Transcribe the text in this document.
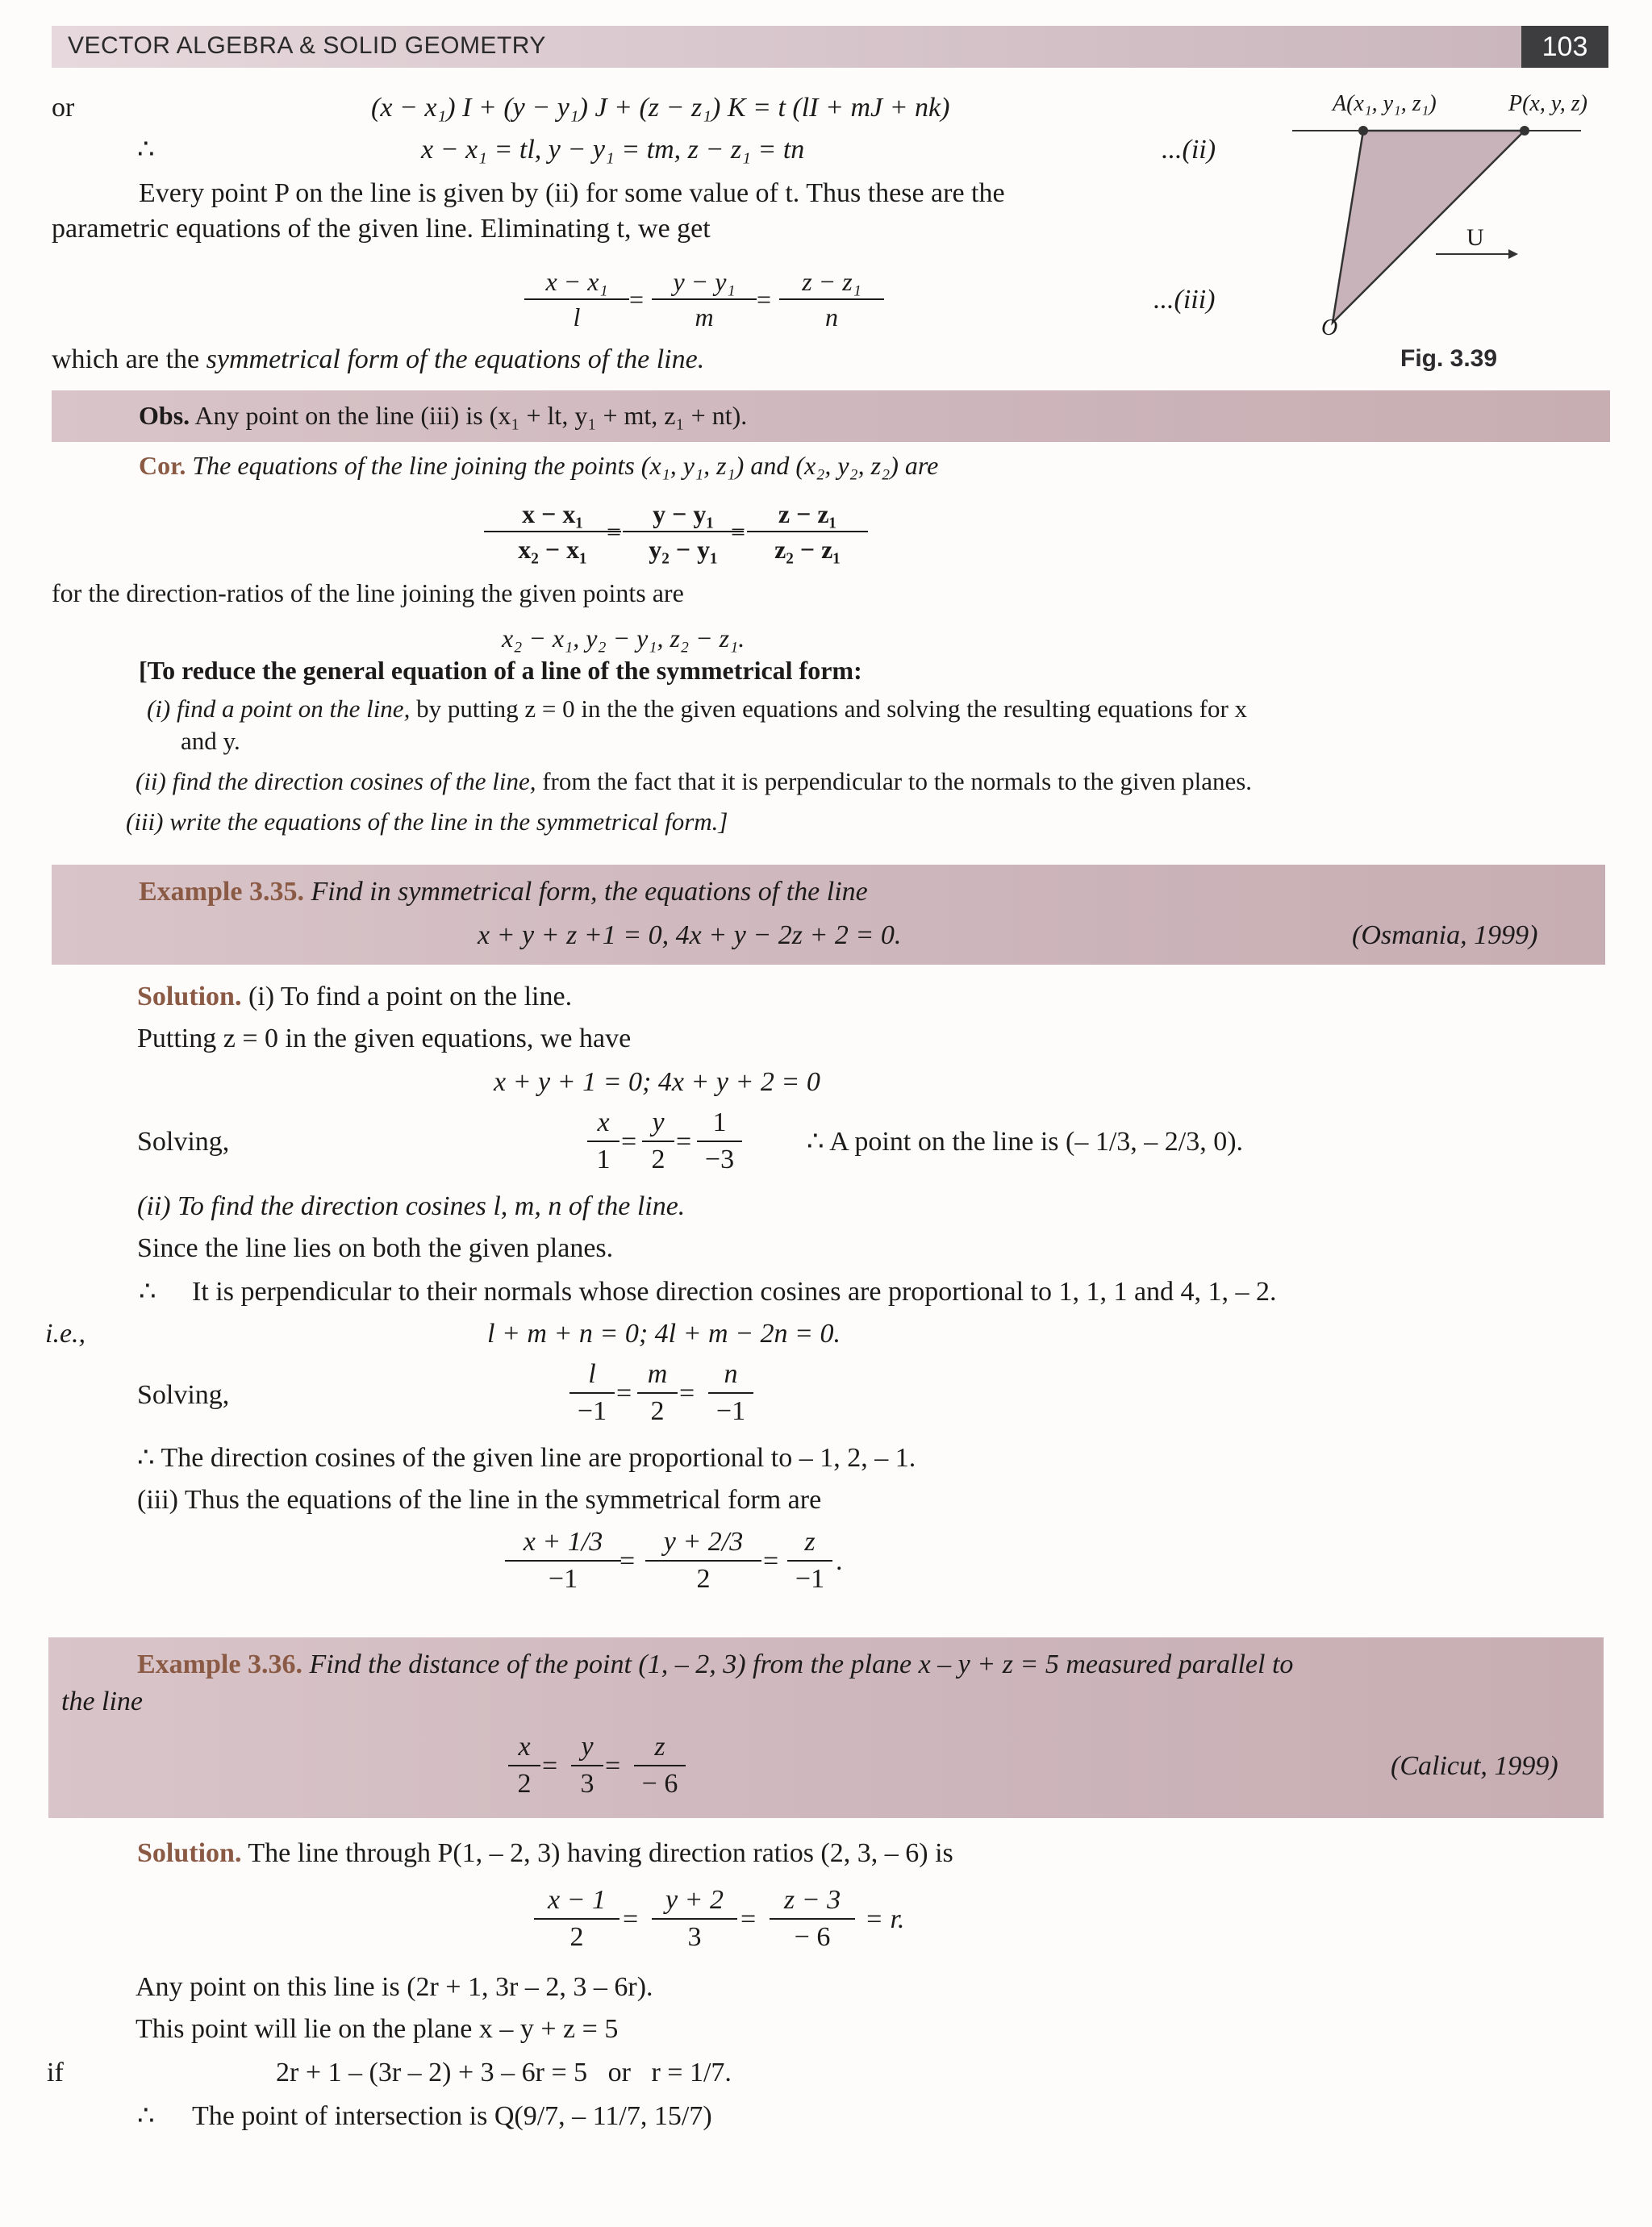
VECTOR ALGEBRA & SOLID GEOMETRY	103
or	(x − x₁) I + (y − y₁) J + (z − z₁) K = t (lI + mJ + nk)
∴	x − x₁ = tl, y − y₁ = tm, z − z₁ = tn	...(ii)
Every point P on the line is given by (ii) for some value of t. Thus these are the
parametric equations of the given line. Eliminating t, we get
x − x₁
l
=
y − y₁
m
=
z − z₁
n
...(iii)
which are the symmetrical form of the equations of the line.
A(x₁, y₁, z₁)	P(x, y, z)
U
O
Fig. 3.39
Obs. Any point on the line (iii) is (x₁ + lt, y₁ + mt, z₁ + nt).
Cor. The equations of the line joining the points (x₁, y₁, z₁) and (x₂, y₂, z₂) are
x − x₁
x₂ − x₁
=
y − y₁
y₂ − y₁
=
z − z₁
z₂ − z₁
for the direction-ratios of the line joining the given points are
x₂ − x₁, y₂ − y₁, z₂ − z₁.
[To reduce the general equation of a line of the symmetrical form:
(i) find a point on the line, by putting z = 0 in the the given equations and solving the resulting equations for x
and y.
(ii) find the direction cosines of the line, from the fact that it is perpendicular to the normals to the given planes.
(iii) write the equations of the line in the symmetrical form.]
Example 3.35. Find in symmetrical form, the equations of the line
x + y + z +1 = 0, 4x + y − 2z + 2 = 0.	(Osmania, 1999)
Solution. (i) To find a point on the line.
Putting z = 0 in the given equations, we have
x + y + 1 = 0; 4x + y + 2 = 0
Solving,
x
1
=
y
2
=
1
−3
∴ A point on the line is (– 1/3, – 2/3, 0).
(ii) To find the direction cosines l, m, n of the line.
Since the line lies on both the given planes.
∴ It is perpendicular to their normals whose direction cosines are proportional to 1, 1, 1 and 4, 1, – 2.
i.e.,	l + m + n = 0; 4l + m − 2n = 0.
Solving,
l
−1
=
m
2
=
n
−1
∴ The direction cosines of the given line are proportional to – 1, 2, – 1.
(iii) Thus the equations of the line in the symmetrical form are
x + 1/3
−1
=
y + 2/3
2
=
z
−1
.
Example 3.36. Find the distance of the point (1, – 2, 3) from the plane x – y + z = 5 measured parallel to
the line
x
2
=
y
3
=
z
− 6
(Calicut, 1999)
Solution. The line through P(1, – 2, 3) having direction ratios (2, 3, – 6) is
x − 1
2
=
y + 2
3
=
z − 3
− 6
= r.
Any point on this line is (2r + 1, 3r – 2, 3 – 6r).
This point will lie on the plane x – y + z = 5
if	2r + 1 – (3r – 2) + 3 – 6r = 5   or   r = 1/7.
∴ The point of intersection is Q(9/7, – 11/7, 15/7)
